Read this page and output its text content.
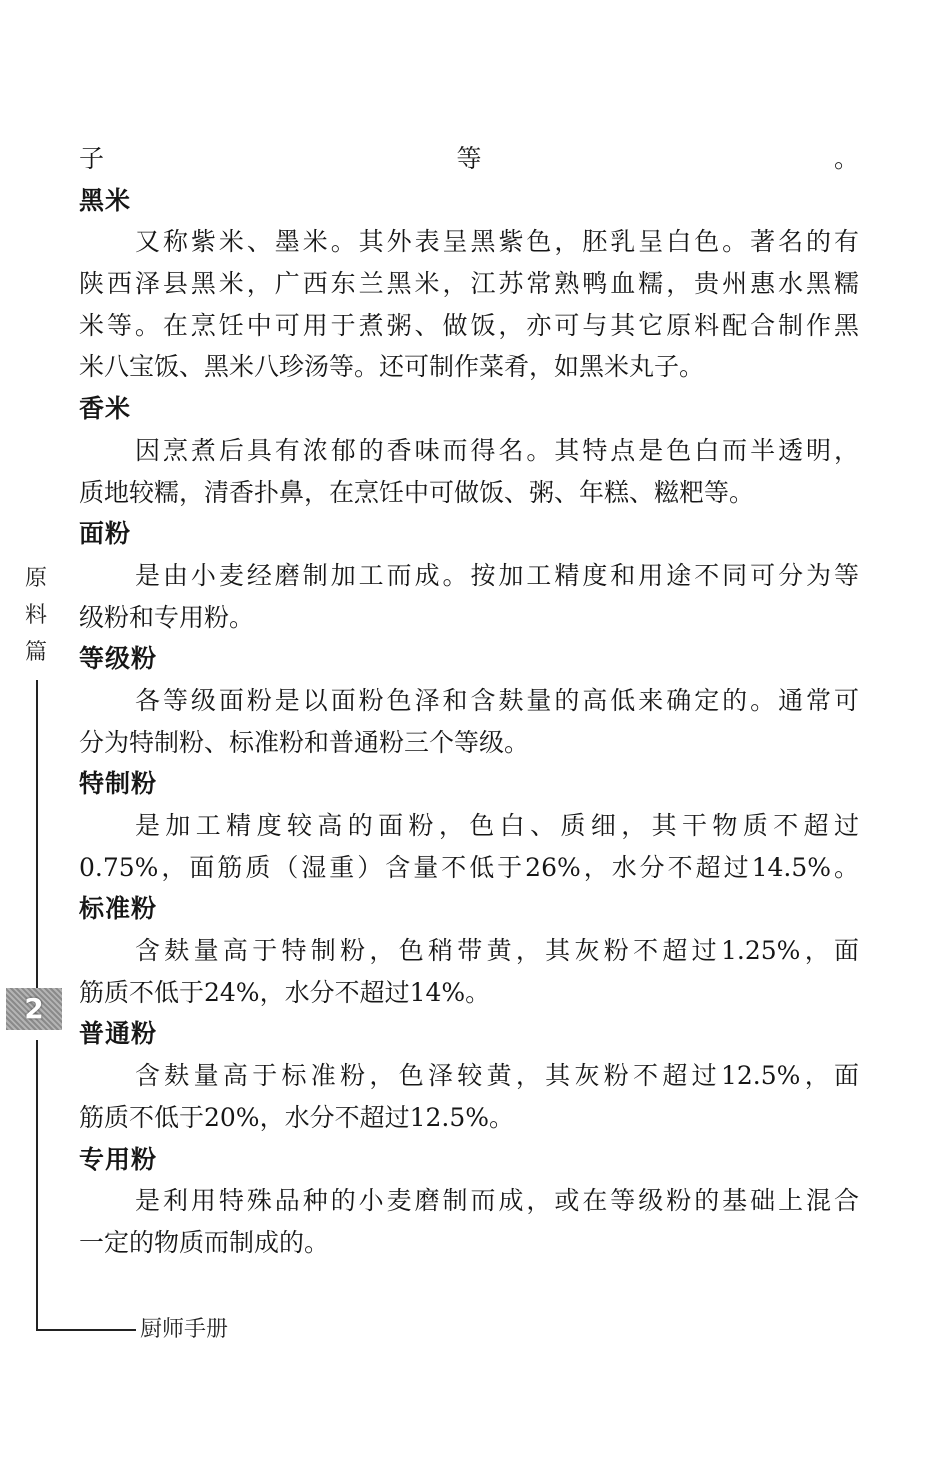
子等。
黑米
又称紫米、墨米。其外表呈黑紫色，胚乳呈白色。著名的有
陕西泽县黑米，广西东兰黑米，江苏常熟鸭血糯，贵州惠水黑糯
米等。在烹饪中可用于煮粥、做饭，亦可与其它原料配合制作黑
米八宝饭、黑米八珍汤等。还可制作菜肴，如黑米丸子。
香米
因烹煮后具有浓郁的香味而得名。其特点是色白而半透明，
质地较糯，清香扑鼻，在烹饪中可做饭、粥、年糕、糍粑等。
面粉
是由小麦经磨制加工而成。按加工精度和用途不同可分为等
级粉和专用粉。
等级粉
各等级面粉是以面粉色泽和含麸量的高低来确定的。通常可
分为特制粉、标准粉和普通粉三个等级。
特制粉
是加工精度较高的面粉，色白、质细，其干物质不超过
0.75%，面筋质（湿重）含量不低于26%，水分不超过14.5%。
标准粉
含麸量高于特制粉，色稍带黄，其灰粉不超过1.25%，面
筋质不低于24%，水分不超过14%。
普通粉
含麸量高于标准粉，色泽较黄，其灰粉不超过12.5%，面
筋质不低于20%，水分不超过12.5%。
专用粉
是利用特殊品种的小麦磨制而成，或在等级粉的基础上混合
一定的物质而制成的。
原料篇
2
厨师手册
